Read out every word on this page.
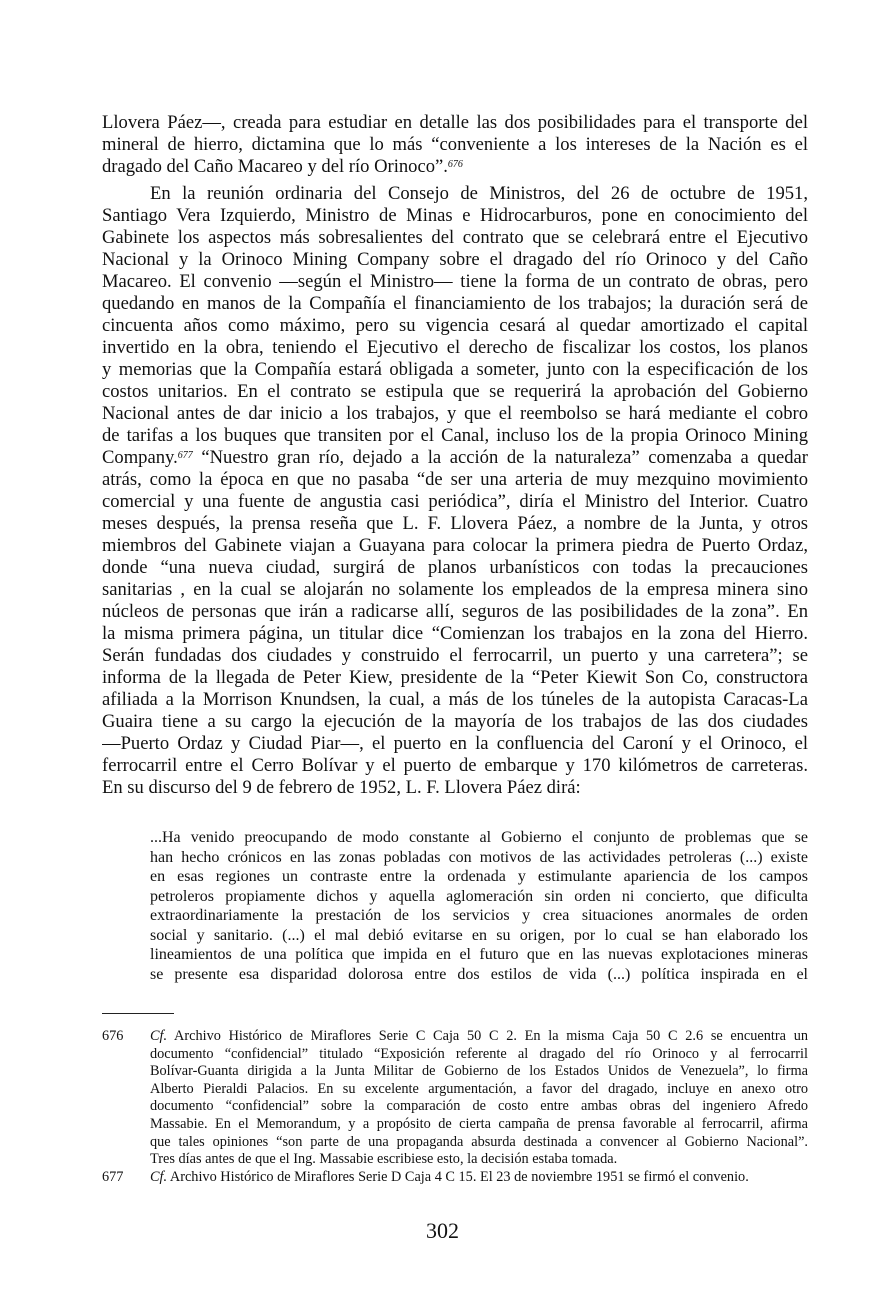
Llovera Páez—, creada para estudiar en detalle las dos posibilidades para el transporte del
mineral de hierro, dictamina que lo más “conveniente a los intereses de la Nación es el
dragado del Caño Macareo y del río Orinoco”.$^{676}$
En la reunión ordinaria del Consejo de Ministros, del 26 de octubre de 1951,
Santiago Vera Izquierdo, Ministro de Minas e Hidrocarburos, pone en conocimiento del
Gabinete los aspectos más sobresalientes del contrato que se celebrará entre el Ejecutivo
Nacional y la Orinoco Mining Company sobre el dragado del río Orinoco y del Caño
Macareo. El convenio —según el Ministro— tiene la forma de un contrato de obras, pero
quedando en manos de la Compañía el financiamiento de los trabajos; la duración será de
cincuenta años como máximo, pero su vigencia cesará al quedar amortizado el capital
invertido en la obra, teniendo el Ejecutivo el derecho de fiscalizar los costos, los planos
y memorias que la Compañía estará obligada a someter, junto con la especificación de los
costos unitarios. En el contrato se estipula que se requerirá la aprobación del Gobierno
Nacional antes de dar inicio a los trabajos, y que el reembolso se hará mediante el cobro
de tarifas a los buques que transiten por el Canal, incluso los de la propia Orinoco Mining
Company.$^{677}$ “Nuestro gran río, dejado a la acción de la naturaleza” comenzaba a quedar
atrás, como la época en que no pasaba “de ser una arteria de muy mezquino movimiento
comercial y una fuente de angustia casi periódica”, diría el Ministro del Interior. Cuatro
meses después, la prensa reseña que L. F. Llovera Páez, a nombre de la Junta, y otros
miembros del Gabinete viajan a Guayana para colocar la primera piedra de Puerto Ordaz,
donde “una nueva ciudad, surgirá de planos urbanísticos con todas la precauciones
sanitarias , en la cual se alojarán no solamente los empleados de la empresa minera sino
núcleos de personas que irán a radicarse allí, seguros de las posibilidades de la zona”. En
la misma primera página, un titular dice “Comienzan los trabajos en la zona del Hierro.
Serán fundadas dos ciudades y construido el ferrocarril, un puerto y una carretera”; se
informa de la llegada de Peter Kiew, presidente de la “Peter Kiewit Son Co, constructora
afiliada a la Morrison Knundsen, la cual, a más de los túneles de la autopista Caracas-La
Guaira tiene a su cargo la ejecución de la mayoría de los trabajos de las dos ciudades
—Puerto Ordaz y Ciudad Piar—, el puerto en la confluencia del Caroní y el Orinoco, el
ferrocarril entre el Cerro Bolívar y el puerto de embarque y 170 kilómetros de carreteras.
En su discurso del 9 de febrero de 1952, L. F. Llovera Páez dirá:
...Ha venido preocupando de modo constante al Gobierno el conjunto de problemas que se
han hecho crónicos en las zonas pobladas con motivos de las actividades petroleras (...) existe
en esas regiones un contraste entre la ordenada y estimulante apariencia de los campos
petroleros propiamente dichos y aquella aglomeración sin orden ni concierto, que dificulta
extraordinariamente la prestación de los servicios y crea situaciones anormales de orden
social y sanitario. (...) el mal debió evitarse en su origen, por lo cual se han elaborado los
lineamientos de una política que impida en el futuro que en las nuevas explotaciones mineras
se presente esa disparidad dolorosa entre dos estilos de vida (...) política inspirada en el
676	Cf. Archivo Histórico de Miraflores Serie C Caja 50 C 2. En la misma Caja 50 C 2.6 se encuentra un
documento “confidencial” titulado “Exposición referente al dragado del río Orinoco y al ferrocarril
Bolívar-Guanta dirigida a la Junta Militar de Gobierno de los Estados Unidos de Venezuela”, lo firma
Alberto Pieraldi Palacios. En su excelente argumentación, a favor del dragado, incluye en anexo otro
documento “confidencial” sobre la comparación de costo entre ambas obras del ingeniero Afredo
Massabie. En el Memorandum, y a propósito de cierta campaña de prensa favorable al ferrocarril, afirma
que tales opiniones “son parte de una propaganda absurda destinada a convencer al Gobierno Nacional”.
Tres días antes de que el Ing. Massabie escribiese esto, la decisión estaba tomada.
677	Cf. Archivo Histórico de Miraflores Serie D Caja 4 C 15. El 23 de noviembre 1951 se firmó el convenio.
302
